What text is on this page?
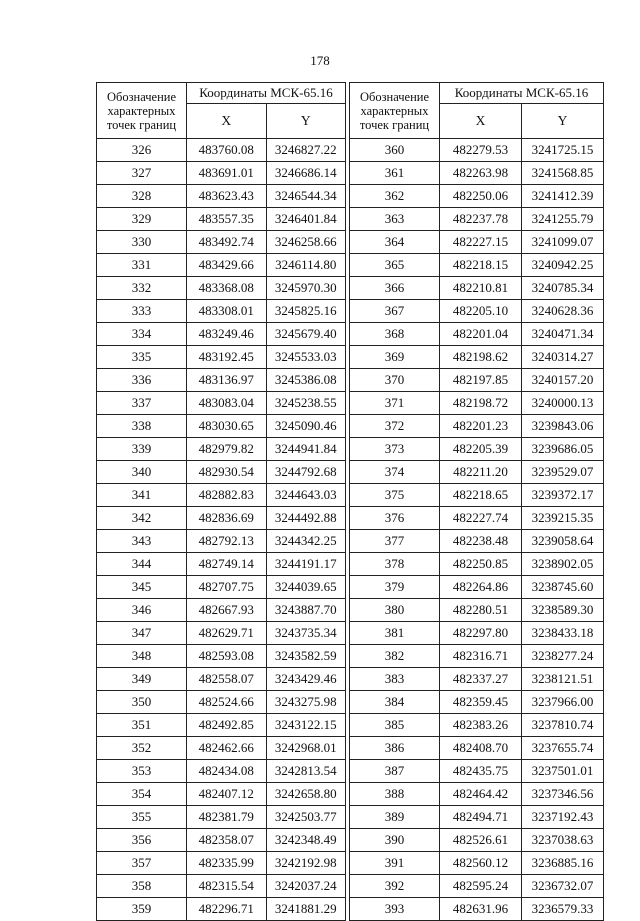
178
Обозначение
характерных
точек границ	Координаты МСК-65.16	
	X	Y
326	483760.08	3246827.22
327	483691.01	3246686.14
328	483623.43	3246544.34
329	483557.35	3246401.84
330	483492.74	3246258.66
331	483429.66	3246114.80
332	483368.08	3245970.30
333	483308.01	3245825.16
334	483249.46	3245679.40
335	483192.45	3245533.03
336	483136.97	3245386.08
337	483083.04	3245238.55
338	483030.65	3245090.46
339	482979.82	3244941.84
340	482930.54	3244792.68
341	482882.83	3244643.03
342	482836.69	3244492.88
343	482792.13	3244342.25
344	482749.14	3244191.17
345	482707.75	3244039.65
346	482667.93	3243887.70
347	482629.71	3243735.34
348	482593.08	3243582.59
349	482558.07	3243429.46
350	482524.66	3243275.98
351	482492.85	3243122.15
352	482462.66	3242968.01
353	482434.08	3242813.54
354	482407.12	3242658.80
355	482381.79	3242503.77
356	482358.07	3242348.49
357	482335.99	3242192.98
358	482315.54	3242037.24
359	482296.71	3241881.29
Обозначение
характерных
точек границ	Координаты МСК-65.16	
	X	Y
360	482279.53	3241725.15
361	482263.98	3241568.85
362	482250.06	3241412.39
363	482237.78	3241255.79
364	482227.15	3241099.07
365	482218.15	3240942.25
366	482210.81	3240785.34
367	482205.10	3240628.36
368	482201.04	3240471.34
369	482198.62	3240314.27
370	482197.85	3240157.20
371	482198.72	3240000.13
372	482201.23	3239843.06
373	482205.39	3239686.05
374	482211.20	3239529.07
375	482218.65	3239372.17
376	482227.74	3239215.35
377	482238.48	3239058.64
378	482250.85	3238902.05
379	482264.86	3238745.60
380	482280.51	3238589.30
381	482297.80	3238433.18
382	482316.71	3238277.24
383	482337.27	3238121.51
384	482359.45	3237966.00
385	482383.26	3237810.74
386	482408.70	3237655.74
387	482435.75	3237501.01
388	482464.42	3237346.56
389	482494.71	3237192.43
390	482526.61	3237038.63
391	482560.12	3236885.16
392	482595.24	3236732.07
393	482631.96	3236579.33
